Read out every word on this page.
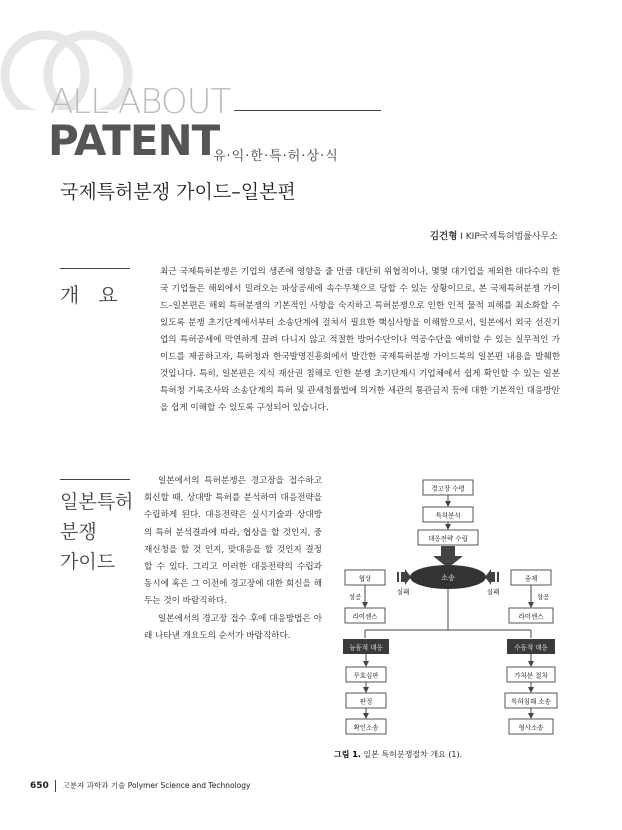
ALL ABOUT
PATENT
유·익·한·특·허·상·식
국제특허분쟁 가이드–일본편
김건형 I KIP국제특허법률사무소
개   요
최근 국제특허분쟁은 기업의 생존에 영향을 줄 만큼 대단히 위협적이나, 몇몇 대기업을 제외한 대다수의 한국 기업들은 해외에서 밀려오는 파상공세에 속수무책으로 당할 수 있는 상황이므로, 본 국제특허분쟁 가이드–일본편은 해외 특허분쟁의 기본적인 사항을 숙지하고 특허분쟁으로 인한 인적 물적 피해를 최소화할 수 있도록 분쟁 초기단계에서부터 소송단계에 걸쳐서 필요한 핵심사항을 이해함으로서, 일본에서 외국 선진기업의 특허공세에 막연하게 끌려 다니지 않고 적절한 방어수단이나 역공수단을 예비할 수 있는 실무적인 가이드를 제공하고자, 특허청과 한국발명진흥회에서 발간한 국제특허분쟁 가이드북의 일본편 내용을 발췌한 것입니다. 특히, 일본편은 지식 재산권 침해로 인한 분쟁 초기단계시 기업체에서 쉽게 확인할 수 있는 일본 특허청 기록조사와 소송단계의 특허 및 관세청률법에 의거한 세관의 통관금지 등에 대한 기본적인 대응방안을 쉽게 이해할 수 있도록 구성되어 있습니다.
일본특허
분쟁
가이드

일본에서의 특허분쟁은 경고장을 접수하고 회신할 때, 상대방 특허를 분석하여 대응전략을 수립하게 된다. 대응전략은 실시기술과 상대방의 특허 분석결과에 따라, 협상을 할 것인지, 중재신청을 할 것 인지, 맞대응을 할 것인지 결정할 수 있다. 그리고 이러한 대응전략의 수립과 동시에 혹은 그 이전에 경고장에 대한 회신을 해두는 것이 바람직하다.

일본에서의 경고장 접수 후에 대응방법은 아래 나타낸 개요도의 순서가 바람직하다.

경고장 수령
특허분석
대응전략 수립
협상	소송	중재
실패	실패
성공	성공
라이센스	라이센스
능동적 대응	수동적 대응
무효심판
판정
확인소송
가처분 절차
특허침해 소송
형사소송
그림 1. 일본 특허분쟁절차 개요 (1).
650 고분자 과학과 기술 Polymer Science and Technology
